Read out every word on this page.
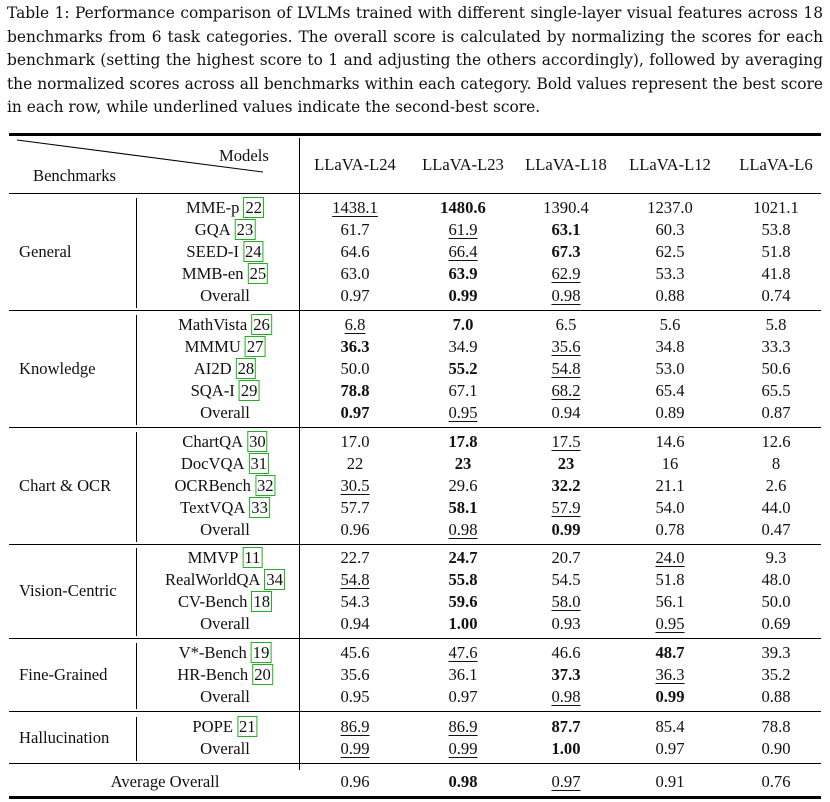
Table 1: Performance comparison of LVLMs trained with different single-layer visual features across 18 benchmarks from 6 task categories. The overall score is calculated by normalizing the scores for each benchmark (setting the highest score to 1 and adjusting the others accordingly), followed by averaging the normalized scores across all benchmarks within each category. Bold values represent the best score in each row, while underlined values indicate the second-best score.
Models
Benchmarks
LLaVA-L24 LLaVA-L23 LLaVA-L18 LLaVA-L12 LLaVA-L6
General
MME-p 22	1438.1	1480.6	1390.4	1237.0	1021.1
GQA 23	61.7	61.9	63.1	60.3	53.8
SEED-I 24	64.6	66.4	67.3	62.5	51.8
MMB-en 25	63.0	63.9	62.9	53.3	41.8
Overall	0.97	0.99	0.98	0.88	0.74
Knowledge
MathVista 26	6.8	7.0	6.5	5.6	5.8
MMMU 27	36.3	34.9	35.6	34.8	33.3
AI2D 28	50.0	55.2	54.8	53.0	50.6
SQA-I 29	78.8	67.1	68.2	65.4	65.5
Overall	0.97	0.95	0.94	0.89	0.87
Chart & OCR
ChartQA 30	17.0	17.8	17.5	14.6	12.6
DocVQA 31	22	23	23	16	8
OCRBench 32	30.5	29.6	32.2	21.1	2.6
TextVQA 33	57.7	58.1	57.9	54.0	44.0
Overall	0.96	0.98	0.99	0.78	0.47
Vision-Centric
MMVP 11	22.7	24.7	20.7	24.0	9.3
RealWorldQA 34	54.8	55.8	54.5	51.8	48.0
CV-Bench 18	54.3	59.6	58.0	56.1	50.0
Overall	0.94	1.00	0.93	0.95	0.69
Fine-Grained
V*-Bench 19	45.6	47.6	46.6	48.7	39.3
HR-Bench 20	35.6	36.1	37.3	36.3	35.2
Overall	0.95	0.97	0.98	0.99	0.88
Hallucination
POPE 21	86.9	86.9	87.7	85.4	78.8
Overall	0.99	0.99	1.00	0.97	0.90
Average Overall	0.96	0.98	0.97	0.91	0.76
